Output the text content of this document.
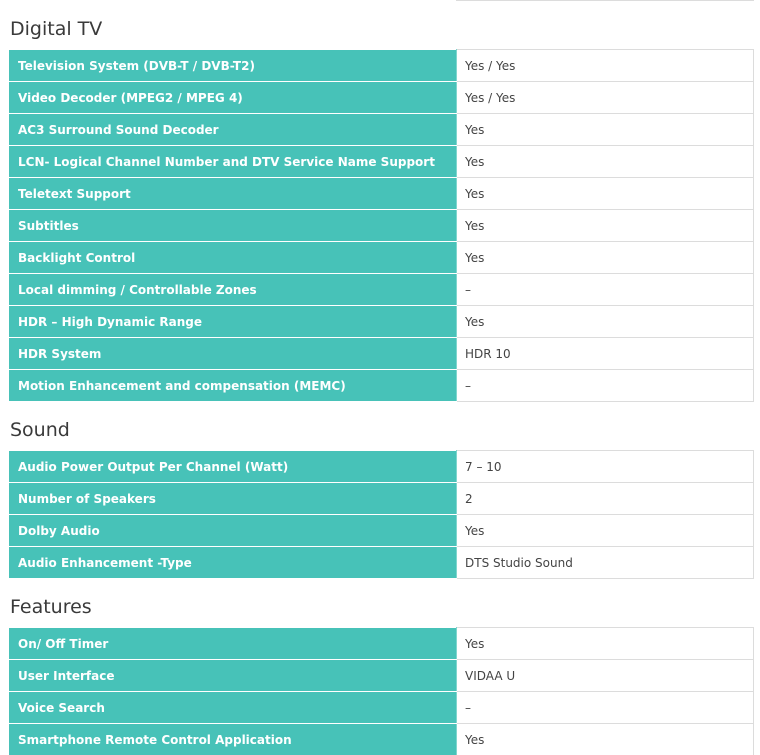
Digital TV
Television System (DVB-T / DVB-T2)	Yes / Yes
Video Decoder (MPEG2 / MPEG 4)	Yes / Yes
AC3 Surround Sound Decoder	Yes
LCN- Logical Channel Number and DTV Service Name Support	Yes
Teletext Support	Yes
Subtitles	Yes
Backlight Control	Yes
Local dimming / Controllable Zones	–
HDR – High Dynamic Range	Yes
HDR System	HDR 10
Motion Enhancement and compensation (MEMC)	–
Sound
Audio Power Output Per Channel (Watt)	7 – 10
Number of Speakers	2
Dolby Audio	Yes
Audio Enhancement -Type	DTS Studio Sound
Features
On/ Off Timer	Yes
User Interface	VIDAA U
Voice Search	–
Smartphone Remote Control Application	Yes
